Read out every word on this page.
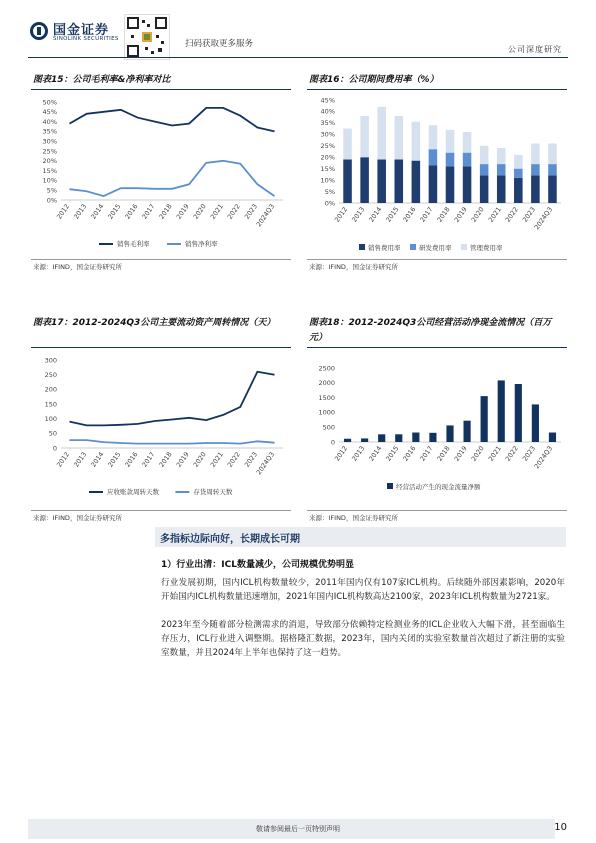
国金证券
SINOLINK SECURITIES	扫码获取更多服务
公司深度研究
图表15：公司毛利率&净利率对比
0%
5%
10%
15%
20%
25%
30%
35%
40%
45%
50%
2012 2013 2014 2015 2016 2017 2018 2019 2020 2021 2022 2023
2024Q3
销售毛利率	销售净利率
来源：IFIND，国金证券研究所
图表16：公司期间费用率（%）
0%
5%
10%
15%
20%
25%
30%
35%
40%
45%
2012 2013 2014 2015 2016 2017 2018 2019 2020 2021 2022 2023
2024Q3
销售费用率	研发费用率	管理费用率
来源：IFIND，国金证券研究所
图表17：2012-2024Q3公司主要流动资产周转情况（天）
0
50
100
150
200
250
300
2012 2013 2014 2015 2016 2017 2018 2019 2020 2021 2022 2023
2024Q3
应收账款周转天数	存货周转天数
来源：IFIND，国金证券研究所
图表18：2012-2024Q3公司经营活动净现金流情况（百万元）
0
500
1000
1500
2000
2500
2012 2013 2014 2015 2016 2017 2018 2019 2020 2021 2022 2023
2024Q3
经营活动产生的现金流量净额
来源：IFIND，国金证券研究所
多指标边际向好，长期成长可期
1）行业出清：ICL数量减少，公司规模优势明显
行业发展初期，国内ICL机构数量较少，2011年国内仅有107家ICL机构。后续随外部因素影响，2020年开始国内ICL机构数量迅速增加，2021年国内ICL机构数高达2100家，2023年ICL机构数量为2721家。
2023年至今随着部分检测需求的消退，导致部分依赖特定检测业务的ICL企业收入大幅下滑，甚至面临生存压力，ICL行业进入调整期。据格隆汇数据，2023年，国内关闭的实验室数量首次超过了新注册的实验室数量，并且2024年上半年也保持了这一趋势。
敬请参阅最后一页特别声明	10
